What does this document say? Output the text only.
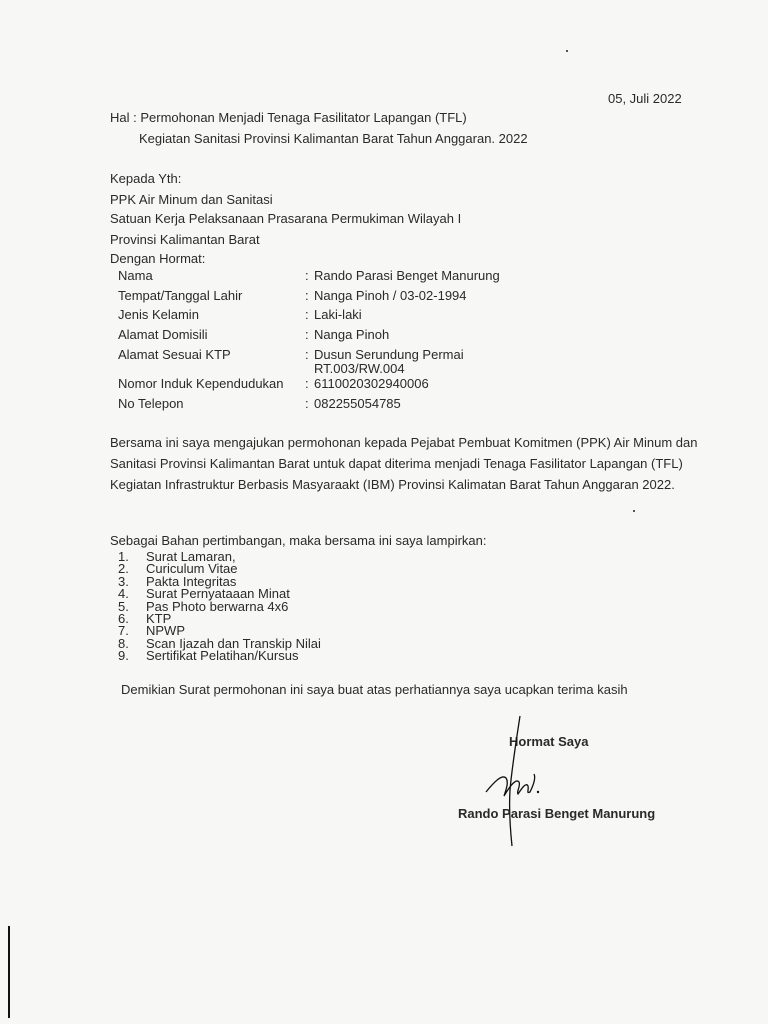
05, Juli 2022
Hal : Permohonan Menjadi Tenaga Fasilitator Lapangan (TFL)
Kegiatan Sanitasi Provinsi Kalimantan Barat Tahun Anggaran. 2022
Kepada Yth:
PPK Air Minum dan Sanitasi
Satuan Kerja Pelaksanaan Prasarana Permukiman Wilayah I
Provinsi Kalimantan Barat
Dengan Hormat:
Nama	: Rando Parasi Benget Manurung
Tempat/Tanggal Lahir	: Nanga Pinoh / 03-02-1994
Jenis Kelamin	: Laki-laki
Alamat Domisili	: Nanga Pinoh
Alamat Sesuai KTP	: Dusun Serundung Permai
RT.003/RW.004
Nomor Induk Kependudukan : 6110020302940006
No Telepon	: 082255054785
Bersama ini saya mengajukan permohonan kepada Pejabat Pembuat Komitmen (PPK) Air Minum dan Sanitasi Provinsi Kalimantan Barat untuk dapat diterima menjadi Tenaga Fasilitator Lapangan (TFL) Kegiatan Infrastruktur Berbasis Masyaraakt (IBM) Provinsi Kalimatan Barat Tahun Anggaran 2022.
Sebagai Bahan pertimbangan, maka bersama ini saya lampirkan:
1. Surat Lamaran,
2. Curiculum Vitae
3. Pakta Integritas
4. Surat Pernyataaan Minat
5. Pas Photo berwarna 4x6
6. KTP
7. NPWP
8. Scan Ijazah dan Transkip Nilai
9. Sertifikat Pelatihan/Kursus
Demikian Surat permohonan ini saya buat atas perhatiannya saya ucapkan terima kasih
Hormat Saya
Rando Parasi Benget Manurung
